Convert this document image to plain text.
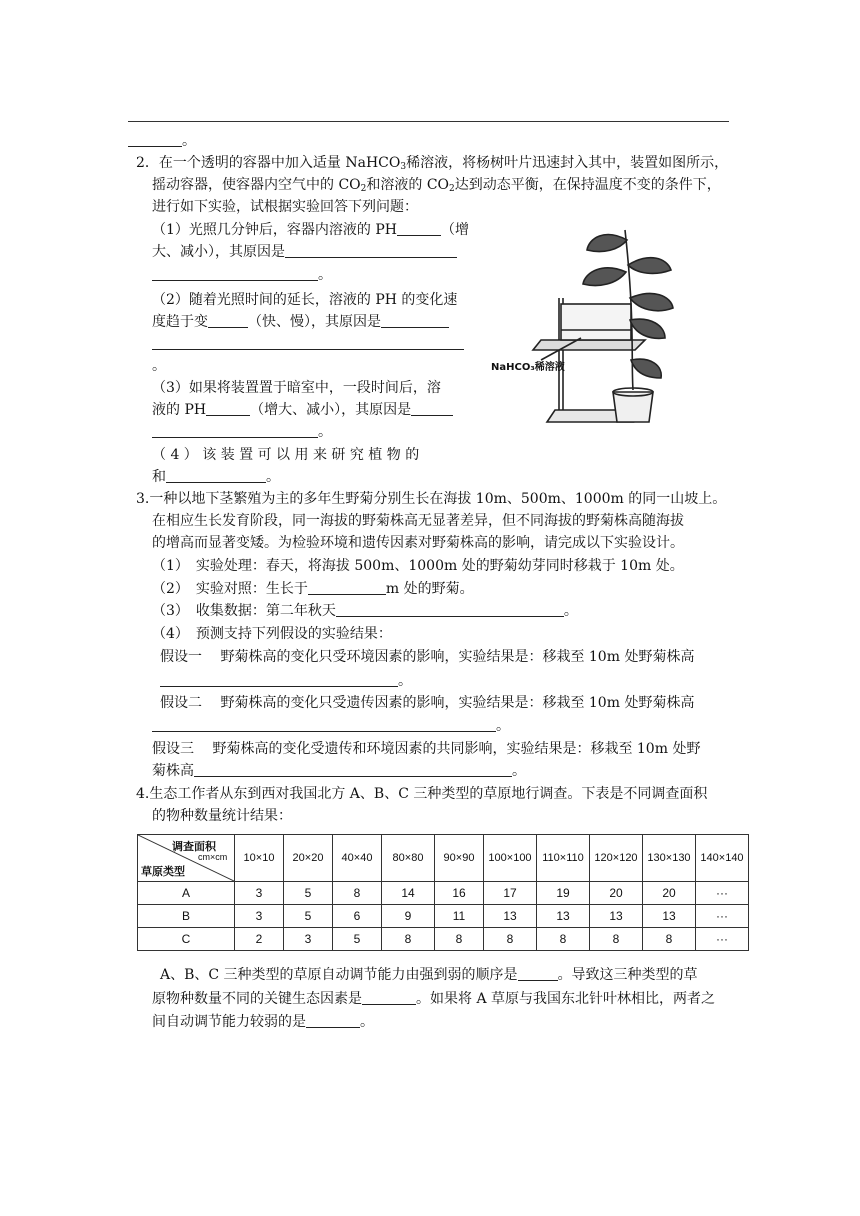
。
2．在一个透明的容器中加入适量 NaHCO$_3$稀溶液，将杨树叶片迅速封入其中，装置如图所示，
摇动容器，使容器内空气中的 $CO_2$和溶液的 $CO_2$达到动态平衡，在保持温度不变的条件下，
进行如下实验，试根据实验回答下列问题：
（1）光照几分钟后，容器内溶液的 PH	（增
大、减小），其原因是
。
（2）随着光照时间的延长，溶液的 PH 的变化速
度趋于变	（快、慢），其原因是
。
（3）如果将装置置于暗室中，一段时间后，溶
液的 PH	（增大、减小），其原因是
。
（ 4 ） 该 装 置 可 以 用 来 研 究 植 物 的
和	。
NaHCO₃稀溶液
3.一种以地下茎繁殖为主的多年生野菊分别生长在海拔 10m、500m、1000m 的同一山坡上。
在相应生长发育阶段，同一海拔的野菊株高无显著差异，但不同海拔的野菊株高随海拔
的增高而显著变矮。为检验环境和遗传因素对野菊株高的影响，请完成以下实验设计。
（1）　实验处理：春天，将海拔 500m、1000m 处的野菊幼芽同时移栽于 10m 处。
（2）　实验对照：生长于	m 处的野菊。
（3）　收集数据：第二年秋天	。
（4）　预测支持下列假设的实验结果：
假设一　 野菊株高的变化只受环境因素的影响，实验结果是：移栽至 10m 处野菊株高
。
假设二　 野菊株高的变化只受遗传因素的影响，实验结果是：移栽至 10m 处野菊株高
。
假设三　 野菊株高的变化受遗传和环境因素的共同影响，实验结果是：移栽至 10m 处野
菊株高	。
4.生态工作者从东到西对我国北方 A、B、C 三种类型的草原地行调查。下表是不同调查面积
的物种数量统计结果：
调查面积
cm×cm
草原类型	10×10	20×20	40×40	80×80	90×90	100×100	110×110	120×120	130×130	140×140
A	3	5	8	14	16	17	19	20	20	···
B	3	5	6	9	11	13	13	13	13	···
C	2	3	5	8	8	8	8	8	8	···
A、B、C 三种类型的草原自动调节能力由强到弱的顺序是	。导致这三种类型的草
原物种数量不同的关键生态因素是	。如果将 A 草原与我国东北针叶林相比，两者之
间自动调节能力较弱的是	。
